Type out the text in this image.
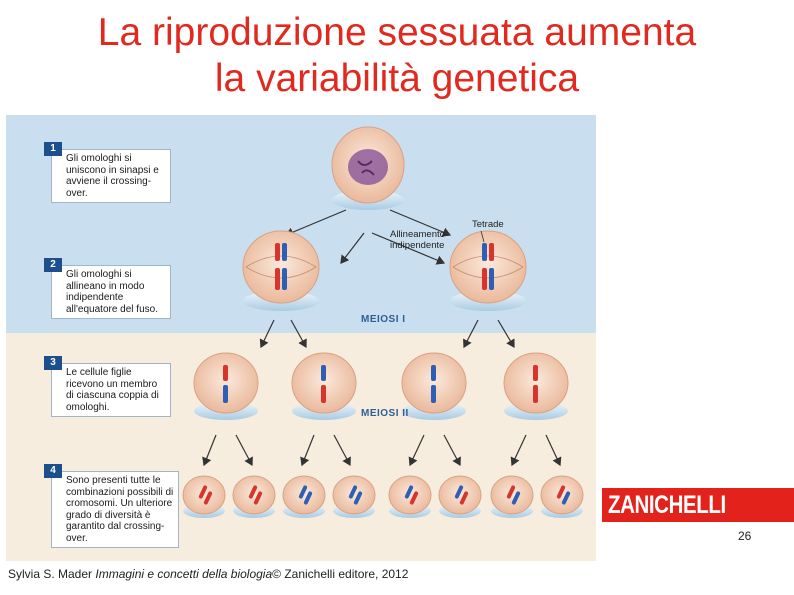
La riproduzione sessuata aumenta
la variabilità genetica
1
Gli omologhi si uniscono in sinapsi e avviene il crossing-over.
2
Gli omologhi si allineano in modo indipendente all'equatore del fuso.
3
Le cellule figlie ricevono un membro di ciascuna coppia di omologhi.
4
Sono presenti tutte le combinazioni possibili di cromosomi. Un ulteriore grado di diversità è garantito dal crossing-over.
Allineamento indipendente
Tetrade
MEIOSI I
MEIOSI II
ZANICHELLI
26
Sylvia S. Mader Immagini e concetti della biologia© Zanichelli editore, 2012
